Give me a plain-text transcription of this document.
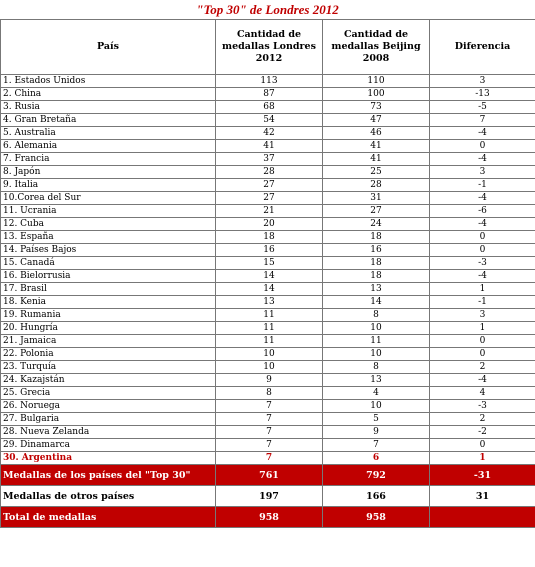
"Top 30" de Londres 2012
País	Cantidad de medallas Londres 2012	Cantidad de medallas Beijing 2008	Diferencia
1. Estados Unidos	113	110	3
2. China	87	100	-13
3. Rusia	68	73	-5
4. Gran Bretaña	54	47	7
5. Australia	42	46	-4
6. Alemania	41	41	0
7. Francia	37	41	-4
8. Japón	28	25	3
9. Italia	27	28	-1
10.Corea del Sur	27	31	-4
11. Ucrania	21	27	-6
12. Cuba	20	24	-4
13. España	18	18	0
14. Países Bajos	16	16	0
15. Canadá	15	18	-3
16. Bielorrusia	14	18	-4
17. Brasil	14	13	1
18. Kenia	13	14	-1
19. Rumania	11	8	3
20. Hungría	11	10	1
21. Jamaica	11	11	0
22. Polonia	10	10	0
23. Turquía	10	8	2
24. Kazajstán	9	13	-4
25. Grecia	8	4	4
26. Noruega	7	10	-3
27. Bulgaria	7	5	2
28. Nueva Zelanda	7	9	-2
29. Dinamarca	7	7	0
30. Argentina	7	6	1
Medallas de los países del "Top 30"	761	792	-31
Medallas de otros países	197	166	31
Total de medallas	958	958	
